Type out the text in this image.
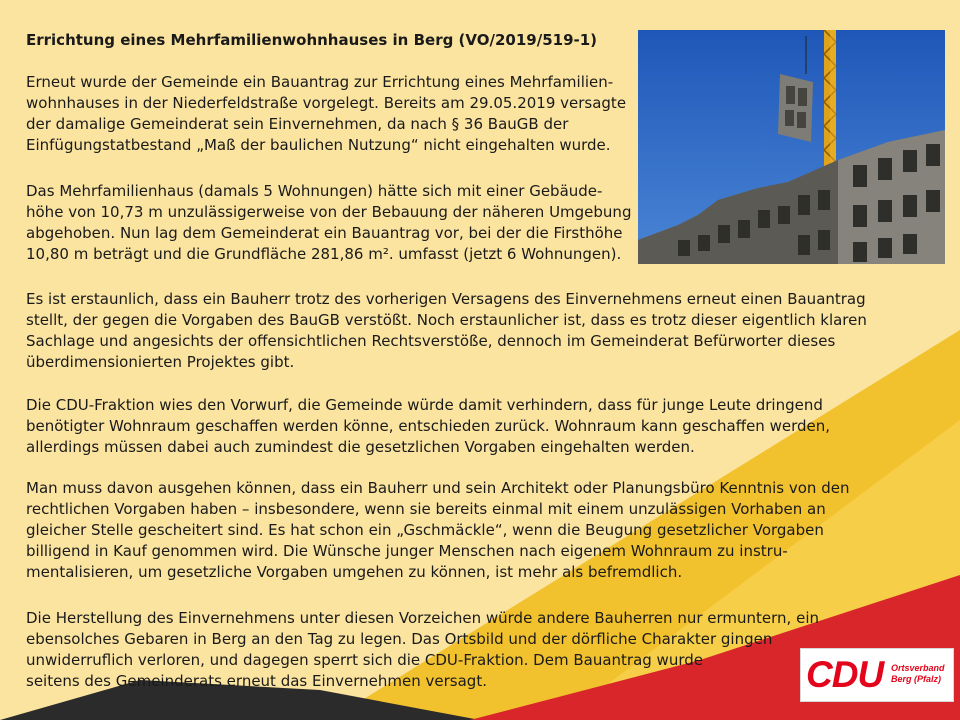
Errichtung eines Mehrfamilienwohnhauses in Berg (VO/2019/519-1)
Erneut wurde der Gemeinde ein Bauantrag zur Errichtung eines Mehrfamilien-
wohnhauses in der Niederfeldstraße vorgelegt. Bereits am 29.05.2019 versagte
der damalige Gemeinderat sein Einvernehmen, da nach § 36 BauGB der
Einfügungstatbestand „Maß der baulichen Nutzung“ nicht eingehalten wurde.
Das Mehrfamilienhaus (damals 5 Wohnungen) hätte sich mit einer Gebäude-
höhe von 10,73 m unzulässigerweise von der Bebauung der näheren Umgebung
abgehoben. Nun lag dem Gemeinderat ein Bauantrag vor, bei der die Firsthöhe
10,80 m beträgt und die Grundfläche 281,86 m². umfasst (jetzt 6 Wohnungen).
Es ist erstaunlich, dass ein Bauherr trotz des vorherigen Versagens des Einvernehmens erneut einen Bauantrag
stellt, der gegen die Vorgaben des BauGB verstößt. Noch erstaunlicher ist, dass es trotz dieser eigentlich klaren
Sachlage und angesichts der offensichtlichen Rechtsverstöße, dennoch im Gemeinderat Befürworter dieses
überdimensionierten Projektes gibt.
Die CDU-Fraktion wies den Vorwurf, die Gemeinde würde damit verhindern, dass für junge Leute dringend
benötigter Wohnraum geschaffen werden könne, entschieden zurück. Wohnraum kann geschaffen werden,
allerdings müssen dabei auch zumindest die gesetzlichen Vorgaben eingehalten werden.
Man muss davon ausgehen können, dass ein Bauherr und sein Architekt oder Planungsbüro Kenntnis von den
rechtlichen Vorgaben haben – insbesondere, wenn sie bereits einmal mit einem unzulässigen Vorhaben an
gleicher Stelle gescheitert sind. Es hat schon ein „Gschmäckle“, wenn die Beugung gesetzlicher Vorgaben
billigend in Kauf genommen wird. Die Wünsche junger Menschen nach eigenem Wohnraum zu instru-
mentalisieren, um gesetzliche Vorgaben umgehen zu können, ist mehr als befremdlich.
Die Herstellung des Einvernehmens unter diesen Vorzeichen würde andere Bauherren nur ermuntern, ein
ebensolches Gebaren in Berg an den Tag zu legen. Das Ortsbild und der dörfliche Charakter gingen
unwiderruflich verloren, und dagegen sperrt sich die CDU-Fraktion. Dem Bauantrag wurde
seitens des Gemeinderats erneut das Einvernehmen versagt.	CDU Ortsverband
Berg (Pfalz)
